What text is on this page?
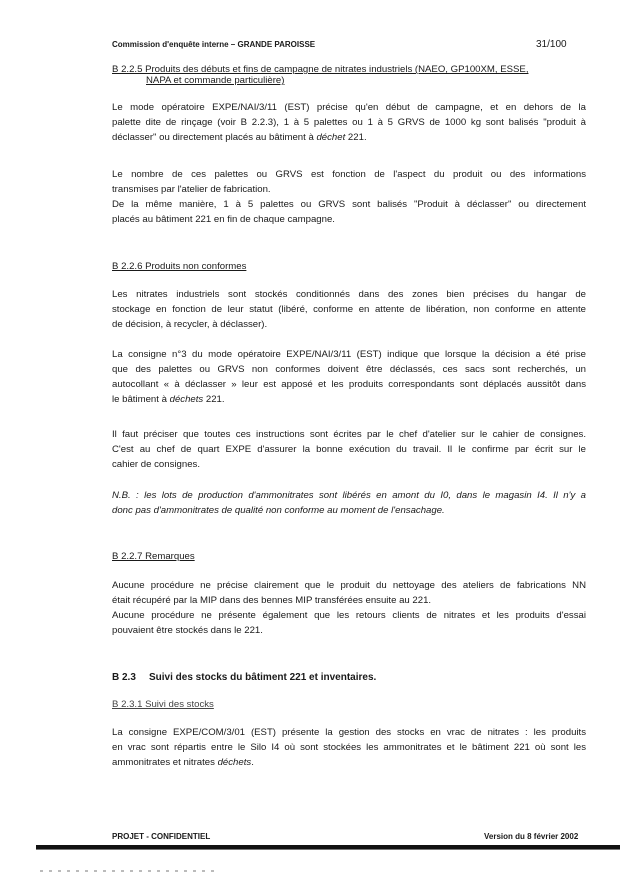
Commission d'enquête interne – GRANDE PAROISSE	31/100
B 2.2.5 Produits des débuts et fins de campagne de nitrates industriels (NAEO, GP100XM, ESSE,
NAPA et commande particulière)
Le mode opératoire EXPE/NAI/3/11 (EST) précise qu'en début de campagne, et en dehors de la
palette dite de rinçage (voir B 2.2.3), 1 à 5 palettes ou 1 à 5 GRVS de 1000 kg sont balisés "produit à
déclasser" ou directement placés au bâtiment à déchet 221.
Le nombre de ces palettes ou GRVS est fonction de l'aspect du produit ou des informations
transmises par l'atelier de fabrication.
De la même manière, 1 à 5 palettes ou GRVS sont balisés "Produit à déclasser" ou directement
placés au bâtiment 221 en fin de chaque campagne.
B 2.2.6 Produits non conformes
Les nitrates industriels sont stockés conditionnés dans des zones bien précises du hangar de
stockage en fonction de leur statut (libéré, conforme en attente de libération, non conforme en attente
de décision, à recycler, à déclasser).
La consigne n°3 du mode opératoire EXPE/NAI/3/11 (EST) indique que lorsque la décision a été prise
que des palettes ou GRVS non conformes doivent être déclassés, ces sacs sont recherchés, un
autocollant « à déclasser » leur est apposé et les produits correspondants sont déplacés aussitôt dans
le bâtiment à déchets 221.
Il faut préciser que toutes ces instructions sont écrites par le chef d'atelier sur le cahier de consignes.
C'est au chef de quart EXPE d'assurer la bonne exécution du travail. Il le confirme par écrit sur le
cahier de consignes.
N.B. : les lots de production d'ammonitrates sont libérés en amont du I0, dans le magasin I4. Il n'y a
donc pas d'ammonitrates de qualité non conforme au moment de l'ensachage.
B 2.2.7 Remarques
Aucune procédure ne précise clairement que le produit du nettoyage des ateliers de fabrications NN
était récupéré par la MIP dans des bennes MIP transférées ensuite au 221.
Aucune procédure ne présente également que les retours clients de nitrates et les produits d'essai
pouvaient être stockés dans le 221.
B 2.3 Suivi des stocks du bâtiment 221 et inventaires.
B 2.3.1 Suivi des stocks
La consigne EXPE/COM/3/01 (EST) présente la gestion des stocks en vrac de nitrates : les produits
en vrac sont répartis entre le Silo I4 où sont stockées les ammonitrates et le bâtiment 221 où sont les
ammonitrates et nitrates déchets.
PROJET - CONFIDENTIEL	Version du 8 février 2002
